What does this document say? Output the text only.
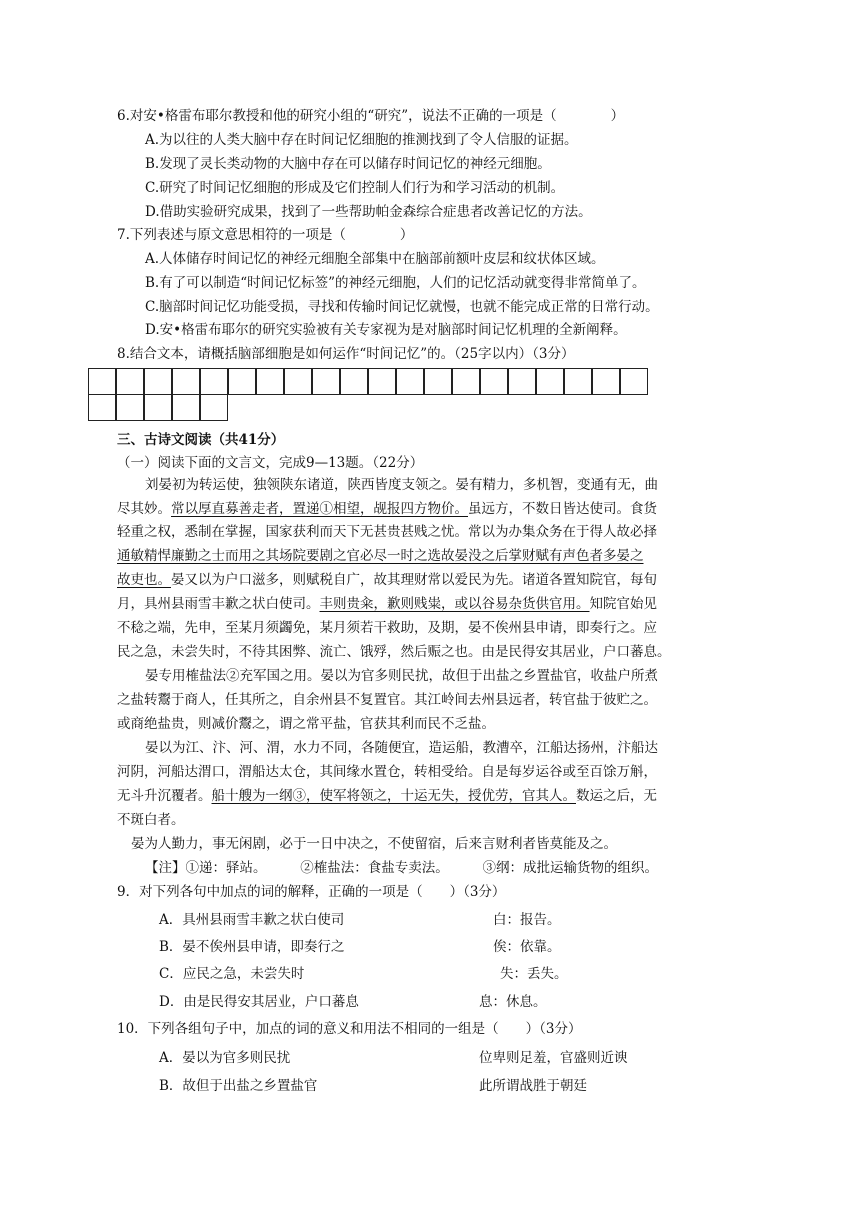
6.对安•格雷布耶尔教授和他的研究小组的“研究”，说法不正确的一项是（　　　　）
A.为以往的人类大脑中存在时间记忆细胞的推测找到了令人信服的证据。
B.发现了灵长类动物的大脑中存在可以储存时间记忆的神经元细胞。
C.研究了时间记忆细胞的形成及它们控制人们行为和学习活动的机制。
D.借助实验研究成果，找到了一些帮助帕金森综合症患者改善记忆的方法。
7.下列表述与原文意思相符的一项是（　　　　）
A.人体储存时间记忆的神经元细胞全部集中在脑部前额叶皮层和纹状体区域。
B.有了可以制造“时间记忆标签”的神经元细胞，人们的记忆活动就变得非常简单了。
C.脑部时间记忆功能受损，寻找和传输时间记忆就慢，也就不能完成正常的日常行动。
D.安•格雷布耶尔的研究实验被有关专家视为是对脑部时间记忆机理的全新阐释。
8.结合文本，请概括脑部细胞是如何运作“时间记忆”的。（25字以内）（3分）
三、古诗文阅读（共41分）
（一）阅读下面的文言文，完成9—13题。（22分）
刘晏初为转运使，独领陕东诸道，陕西皆度支领之。晏有精力，多机智，变通有无，曲
尽其妙。常以厚直募善走者，置递①相望，觇报四方物价。虽远方，不数日皆达使司。食货
轻重之权，悉制在掌握，国家获利而天下无甚贵甚贱之忧。常以为办集众务在于得人故必择
通敏精悍廉勤之士而用之其场院要剧之官必尽一时之选故晏没之后掌财赋有声色者多晏之
故吏也。晏又以为户口滋多，则赋税自广，故其理财常以爱民为先。诸道各置知院官，每旬
月，具州县雨雪丰歉之状白使司。丰则贵籴，歉则贱粜，或以谷易杂货供官用。知院官始见
不稔之端，先申，至某月须蠲免，某月须若干救助，及期，晏不俟州县申请，即奏行之。应
民之急，未尝失时，不待其困弊、流亡、饿殍，然后赈之也。由是民得安其居业，户口蕃息。
晏专用榷盐法②充军国之用。晏以为官多则民扰，故但于出盐之乡置盐官，收盐户所煮
之盐转鬻于商人，任其所之，自余州县不复置官。其江岭间去州县远者，转官盐于彼贮之。
或商绝盐贵，则减价鬻之，谓之常平盐，官获其利而民不乏盐。
晏以为江、汴、河、渭，水力不同，各随便宜，造运船，教漕卒，江船达扬州，汴船达
河阴，河船达渭口，渭船达太仓，其间缘水置仓，转相受给。自是每岁运谷或至百馀万斛，
无斗升沉覆者。船十艘为一纲③，使军将领之，十运无失，授优劳，官其人。数运之后，无
不斑白者。
晏为人勤力，事无闲剧，必于一日中决之，不使留宿，后来言财利者皆莫能及之。
【注】①递：驿站。　　　②榷盐法：食盐专卖法。　　　③纲：成批运输货物的组织。
9．对下列各句中加点的词的解释，正确的一项是（　　）（3分）
A．具州县雨雪丰歉之状白使司	白：报告。
B．晏不俟州县申请，即奏行之	俟：依靠。
C．应民之急，未尝失时	失：丢失。
D．由是民得安其居业，户口蕃息	息：休息。
10．下列各组句子中，加点的词的意义和用法不相同的一组是（　　）（3分）
A．晏以为官多则民扰	位卑则足羞，官盛则近谀
B．故但于出盐之乡置盐官	此所谓战胜于朝廷
